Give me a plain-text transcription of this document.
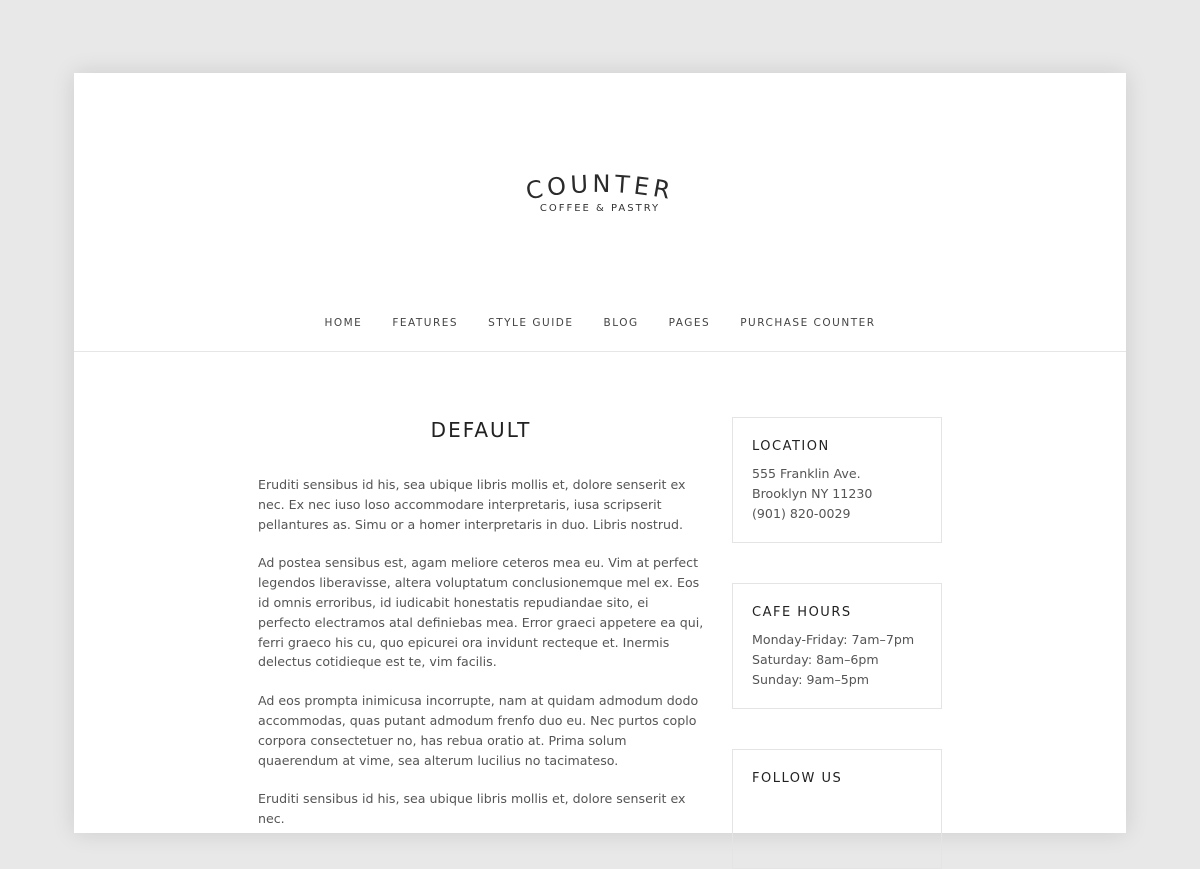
COUNTER
COFFEE & PASTRY
HOME	FEATURES	STYLE GUIDE	BLOG	PAGES	PURCHASE COUNTER
DEFAULT

Eruditi sensibus id his, sea ubique libris mollis et, dolore senserit ex nec. Ex nec iuso loso accommodare interpretaris, iusa scripserit pellantures as. Simu or a homer interpretaris in duo. Libris nostrud.

Ad postea sensibus est, agam meliore ceteros mea eu. Vim at perfect legendos liberavisse, altera voluptatum conclusionemque mel ex. Eos id omnis erroribus, id iudicabit honestatis repudiandae sito, ei perfecto electramos atal definiebas mea. Error graeci appetere ea qui, ferri graeco his cu, quo epicurei ora invidunt recteque et. Inermis delectus cotidieque est te, vim facilis.

Ad eos prompta inimicusa incorrupte, nam at quidam admodum dodo accommodas, quas putant admodum frenfo duo eu. Nec purtos coplo corpora consectetuer no, has rebua oratio at. Prima solum quaerendum at vime, sea alterum lucilius no tacimateso.

Eruditi sensibus id his, sea ubique libris mollis et, dolore senserit ex nec.

LOCATION
555 Franklin Ave.
Brooklyn NY 11230
(901) 820-0029
CAFE HOURS
Monday-Friday: 7am–7pm
Saturday: 8am–6pm
Sunday: 9am–5pm
FOLLOW US
